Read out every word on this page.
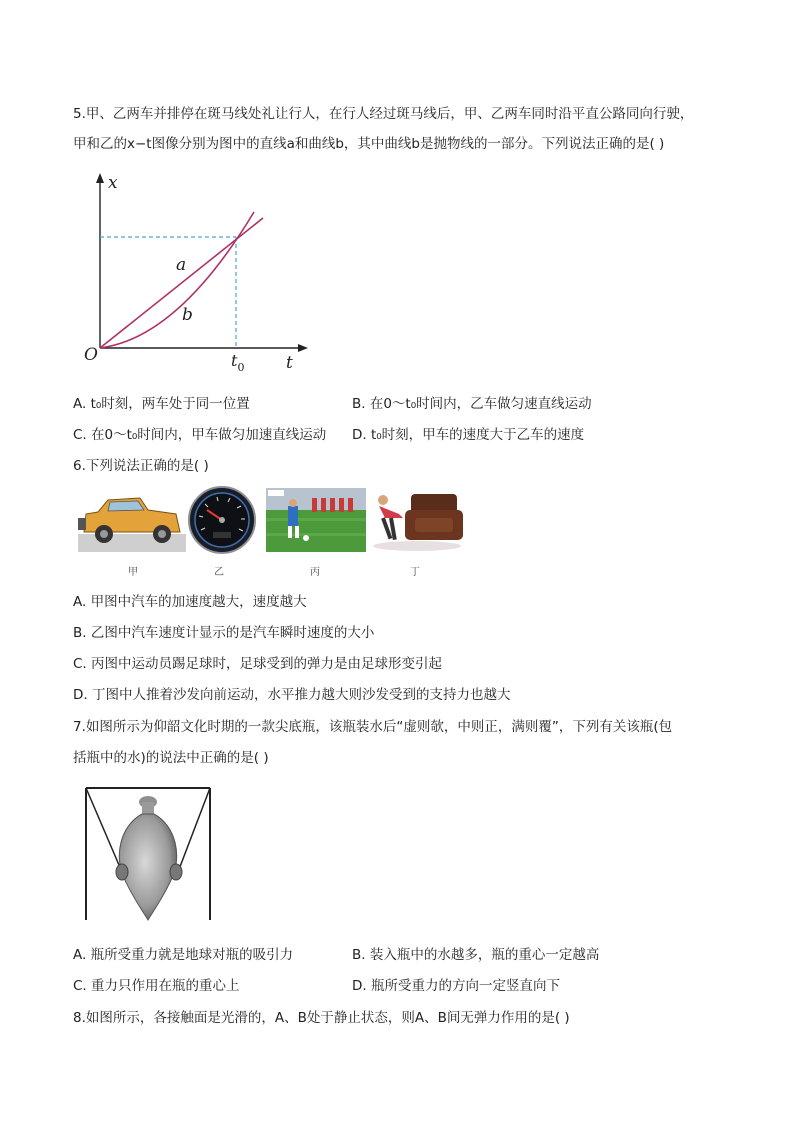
5.甲、乙两车并排停在斑马线处礼让行人，在行人经过斑马线后，甲、乙两车同时沿平直公路同向行驶，
甲和乙的x−t图像分别为图中的直线a和曲线b，其中曲线b是抛物线的一部分。下列说法正确的是( )
x
t
O	$t_0$
a
b
A. t₀时刻，两车处于同一位置	B. 在0～t₀时间内，乙车做匀速直线运动
C. 在0～t₀时间内，甲车做匀加速直线运动 D. t₀时刻，甲车的速度大于乙车的速度
6.下列说法正确的是( )
甲	乙	丙	丁
A. 甲图中汽车的加速度越大，速度越大
B. 乙图中汽车速度计显示的是汽车瞬时速度的大小
C. 丙图中运动员踢足球时，足球受到的弹力是由足球形变引起
D. 丁图中人推着沙发向前运动，水平推力越大则沙发受到的支持力也越大
7.如图所示为仰韶文化时期的一款尖底瓶，该瓶装水后“虚则欹，中则正，满则覆”，下列有关该瓶(包
括瓶中的水)的说法中正确的是( )
A. 瓶所受重力就是地球对瓶的吸引力	B. 装入瓶中的水越多，瓶的重心一定越高
C. 重力只作用在瓶的重心上	D. 瓶所受重力的方向一定竖直向下
8.如图所示，各接触面是光滑的，A、B处于静止状态，则A、B间无弹力作用的是( )
